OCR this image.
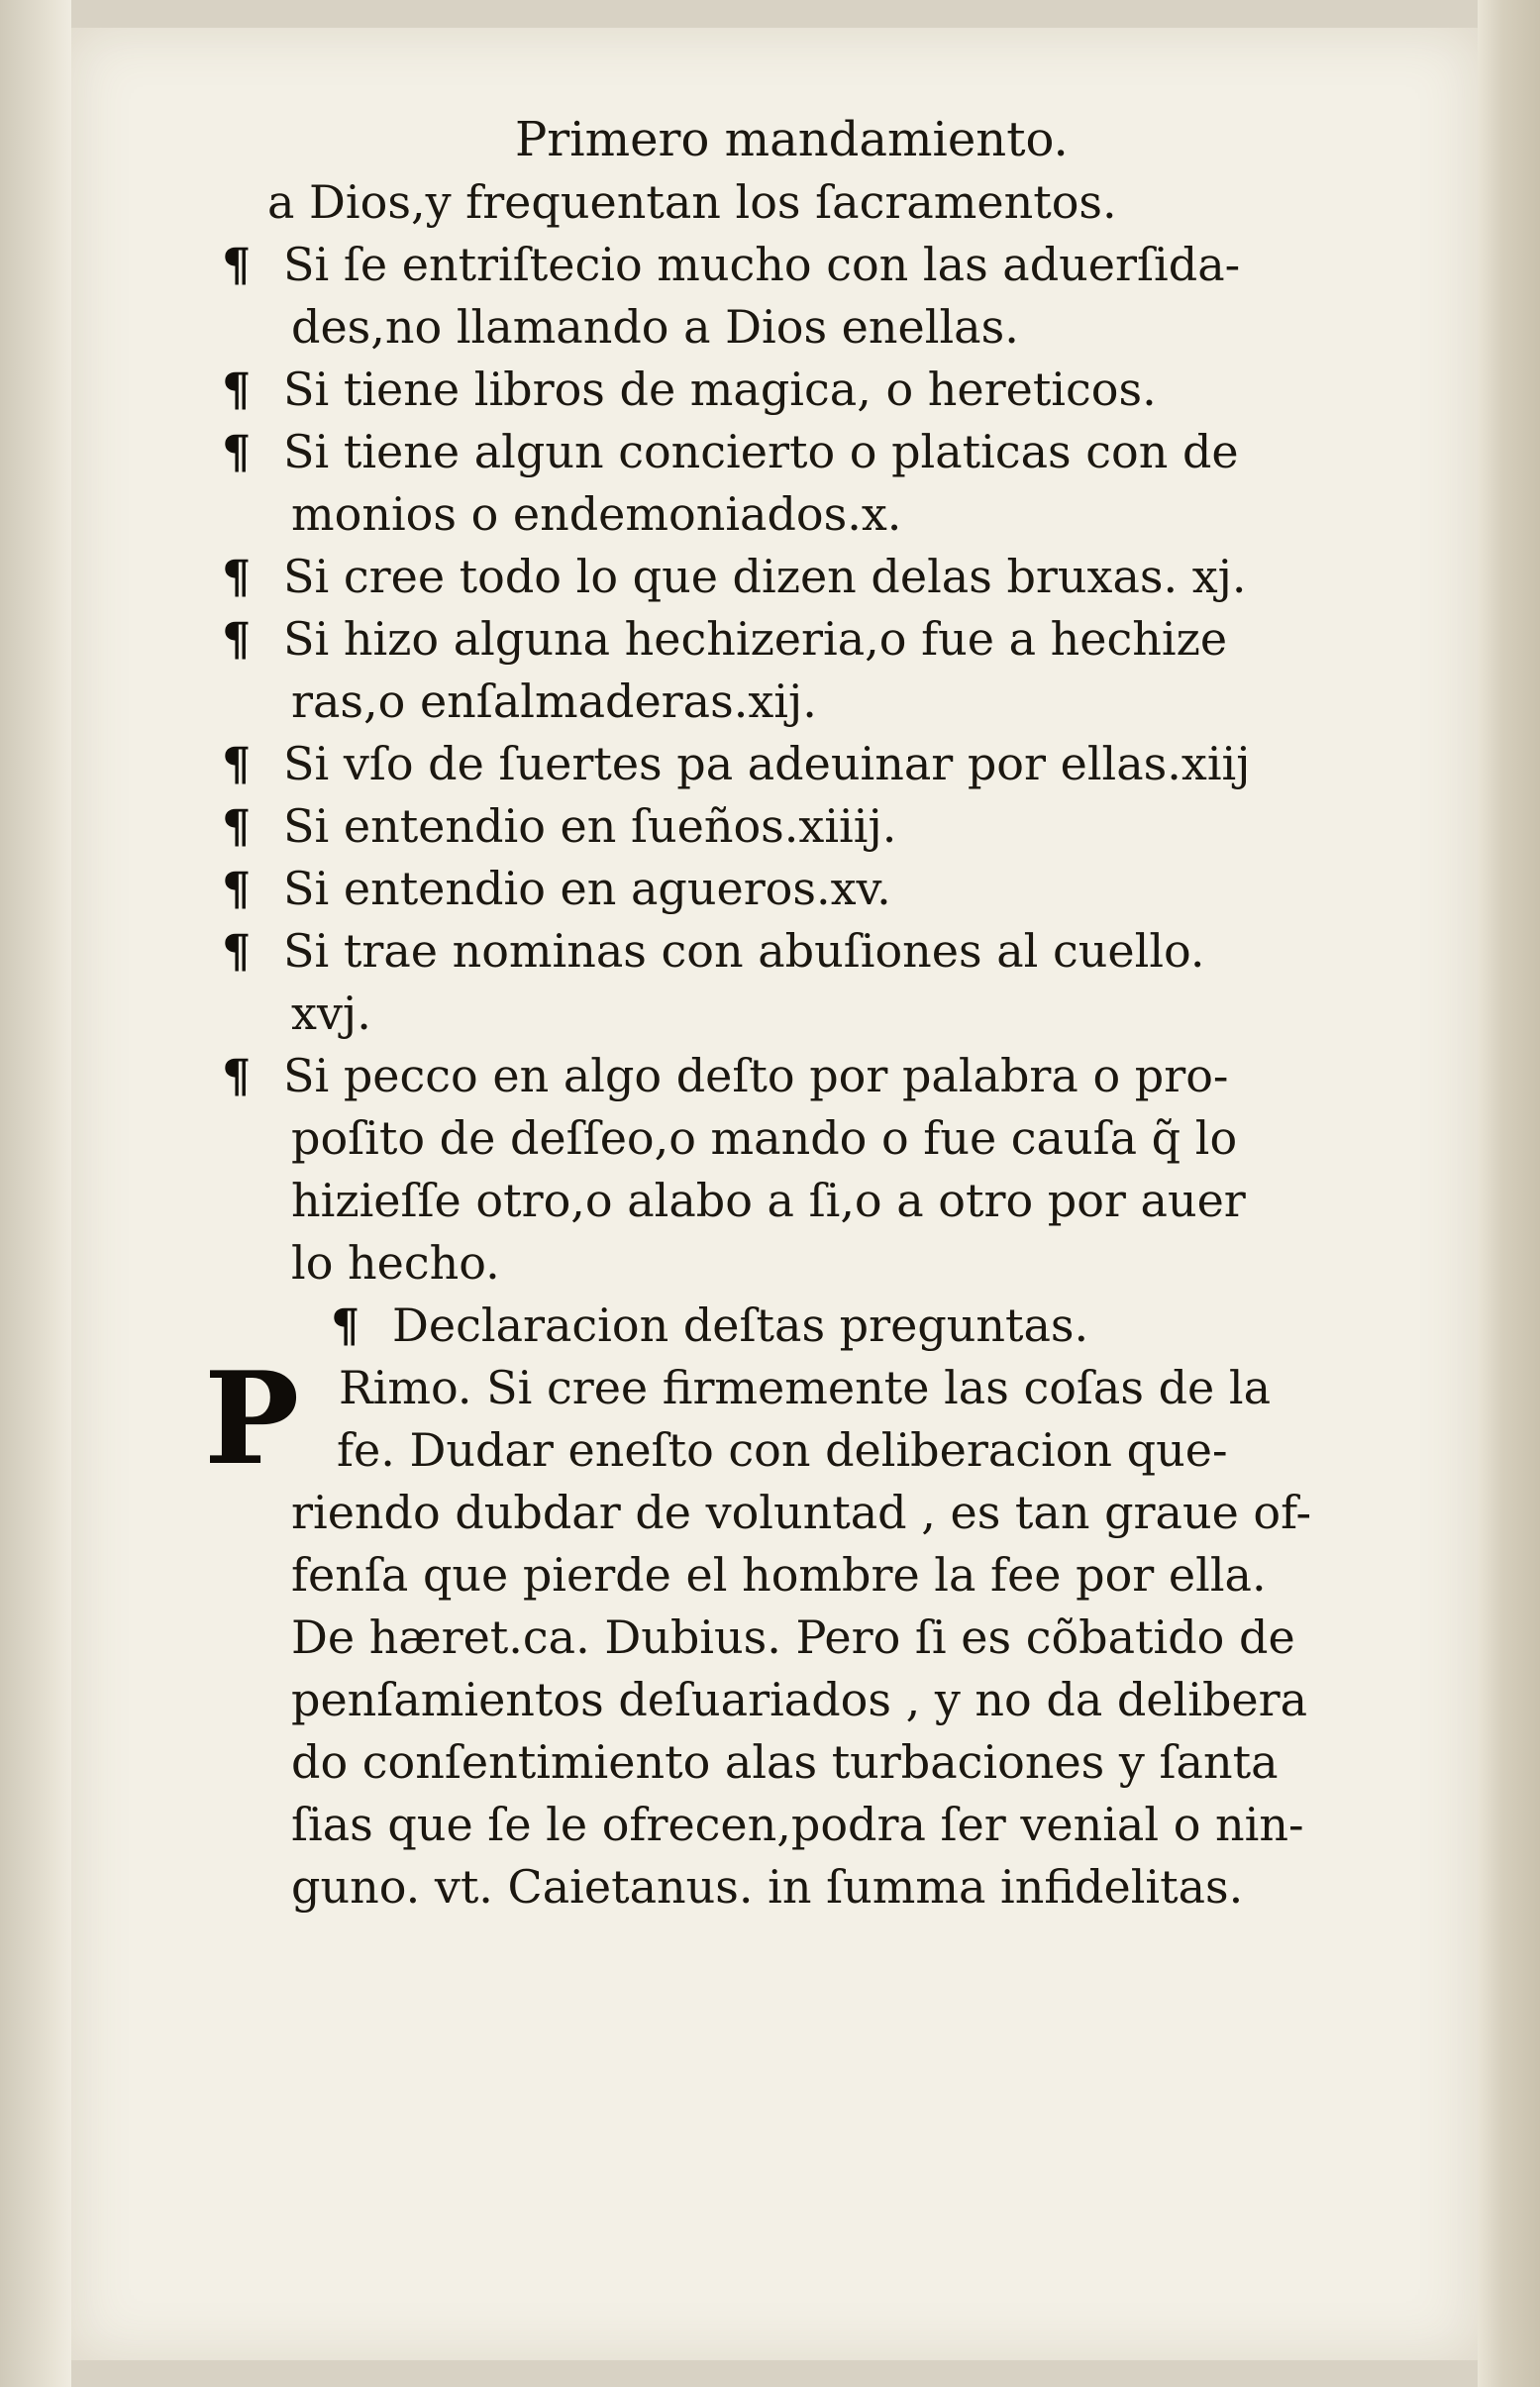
Primero mandamiento.
a Dios,y frequentan los ſacramentos.
¶ Si ſe entriſtecio mucho con las aduerſida-
des,no llamando a Dios enellas.
¶ Si tiene libros de magica, o hereticos.
¶ Si tiene algun concierto o platicas con de
monios o endemoniados.x.
¶ Si cree todo lo que dizen delas bruxas. xj.
¶ Si hizo alguna hechizeria,o fue a hechize
ras,o enſalmaderas.xij.
¶ Si vſo de ſuertes pa adeuinar por ellas.xiij
¶ Si entendio en ſueños.xiiij.
¶ Si entendio en agueros.xv.
¶ Si trae nominas con abuſiones al cuello.
xvj.
¶ Si pecco en algo deſto por palabra o pro-
poſito de deſſeo,o mando o fue cauſa q̃ lo
hizieſſe otro,o alabo a ſi,o a otro por auer
lo hecho.
¶ Declaracion deſtas preguntas.
P Rimo. Si cree firmemente las coſas de la
fe. Dudar eneſto con deliberacion que-
riendo dubdar de voluntad , es tan graue of-
fenſa que pierde el hombre la fee por ella.
De hæret.ca. Dubius. Pero ſi es cõbatido de
penſamientos deſuariados , y no da delibera
do conſentimiento alas turbaciones y ſanta
ſias que ſe le ofrecen,podra ſer venial o nin-
guno. vt. Caietanus. in ſumma infidelitas.
